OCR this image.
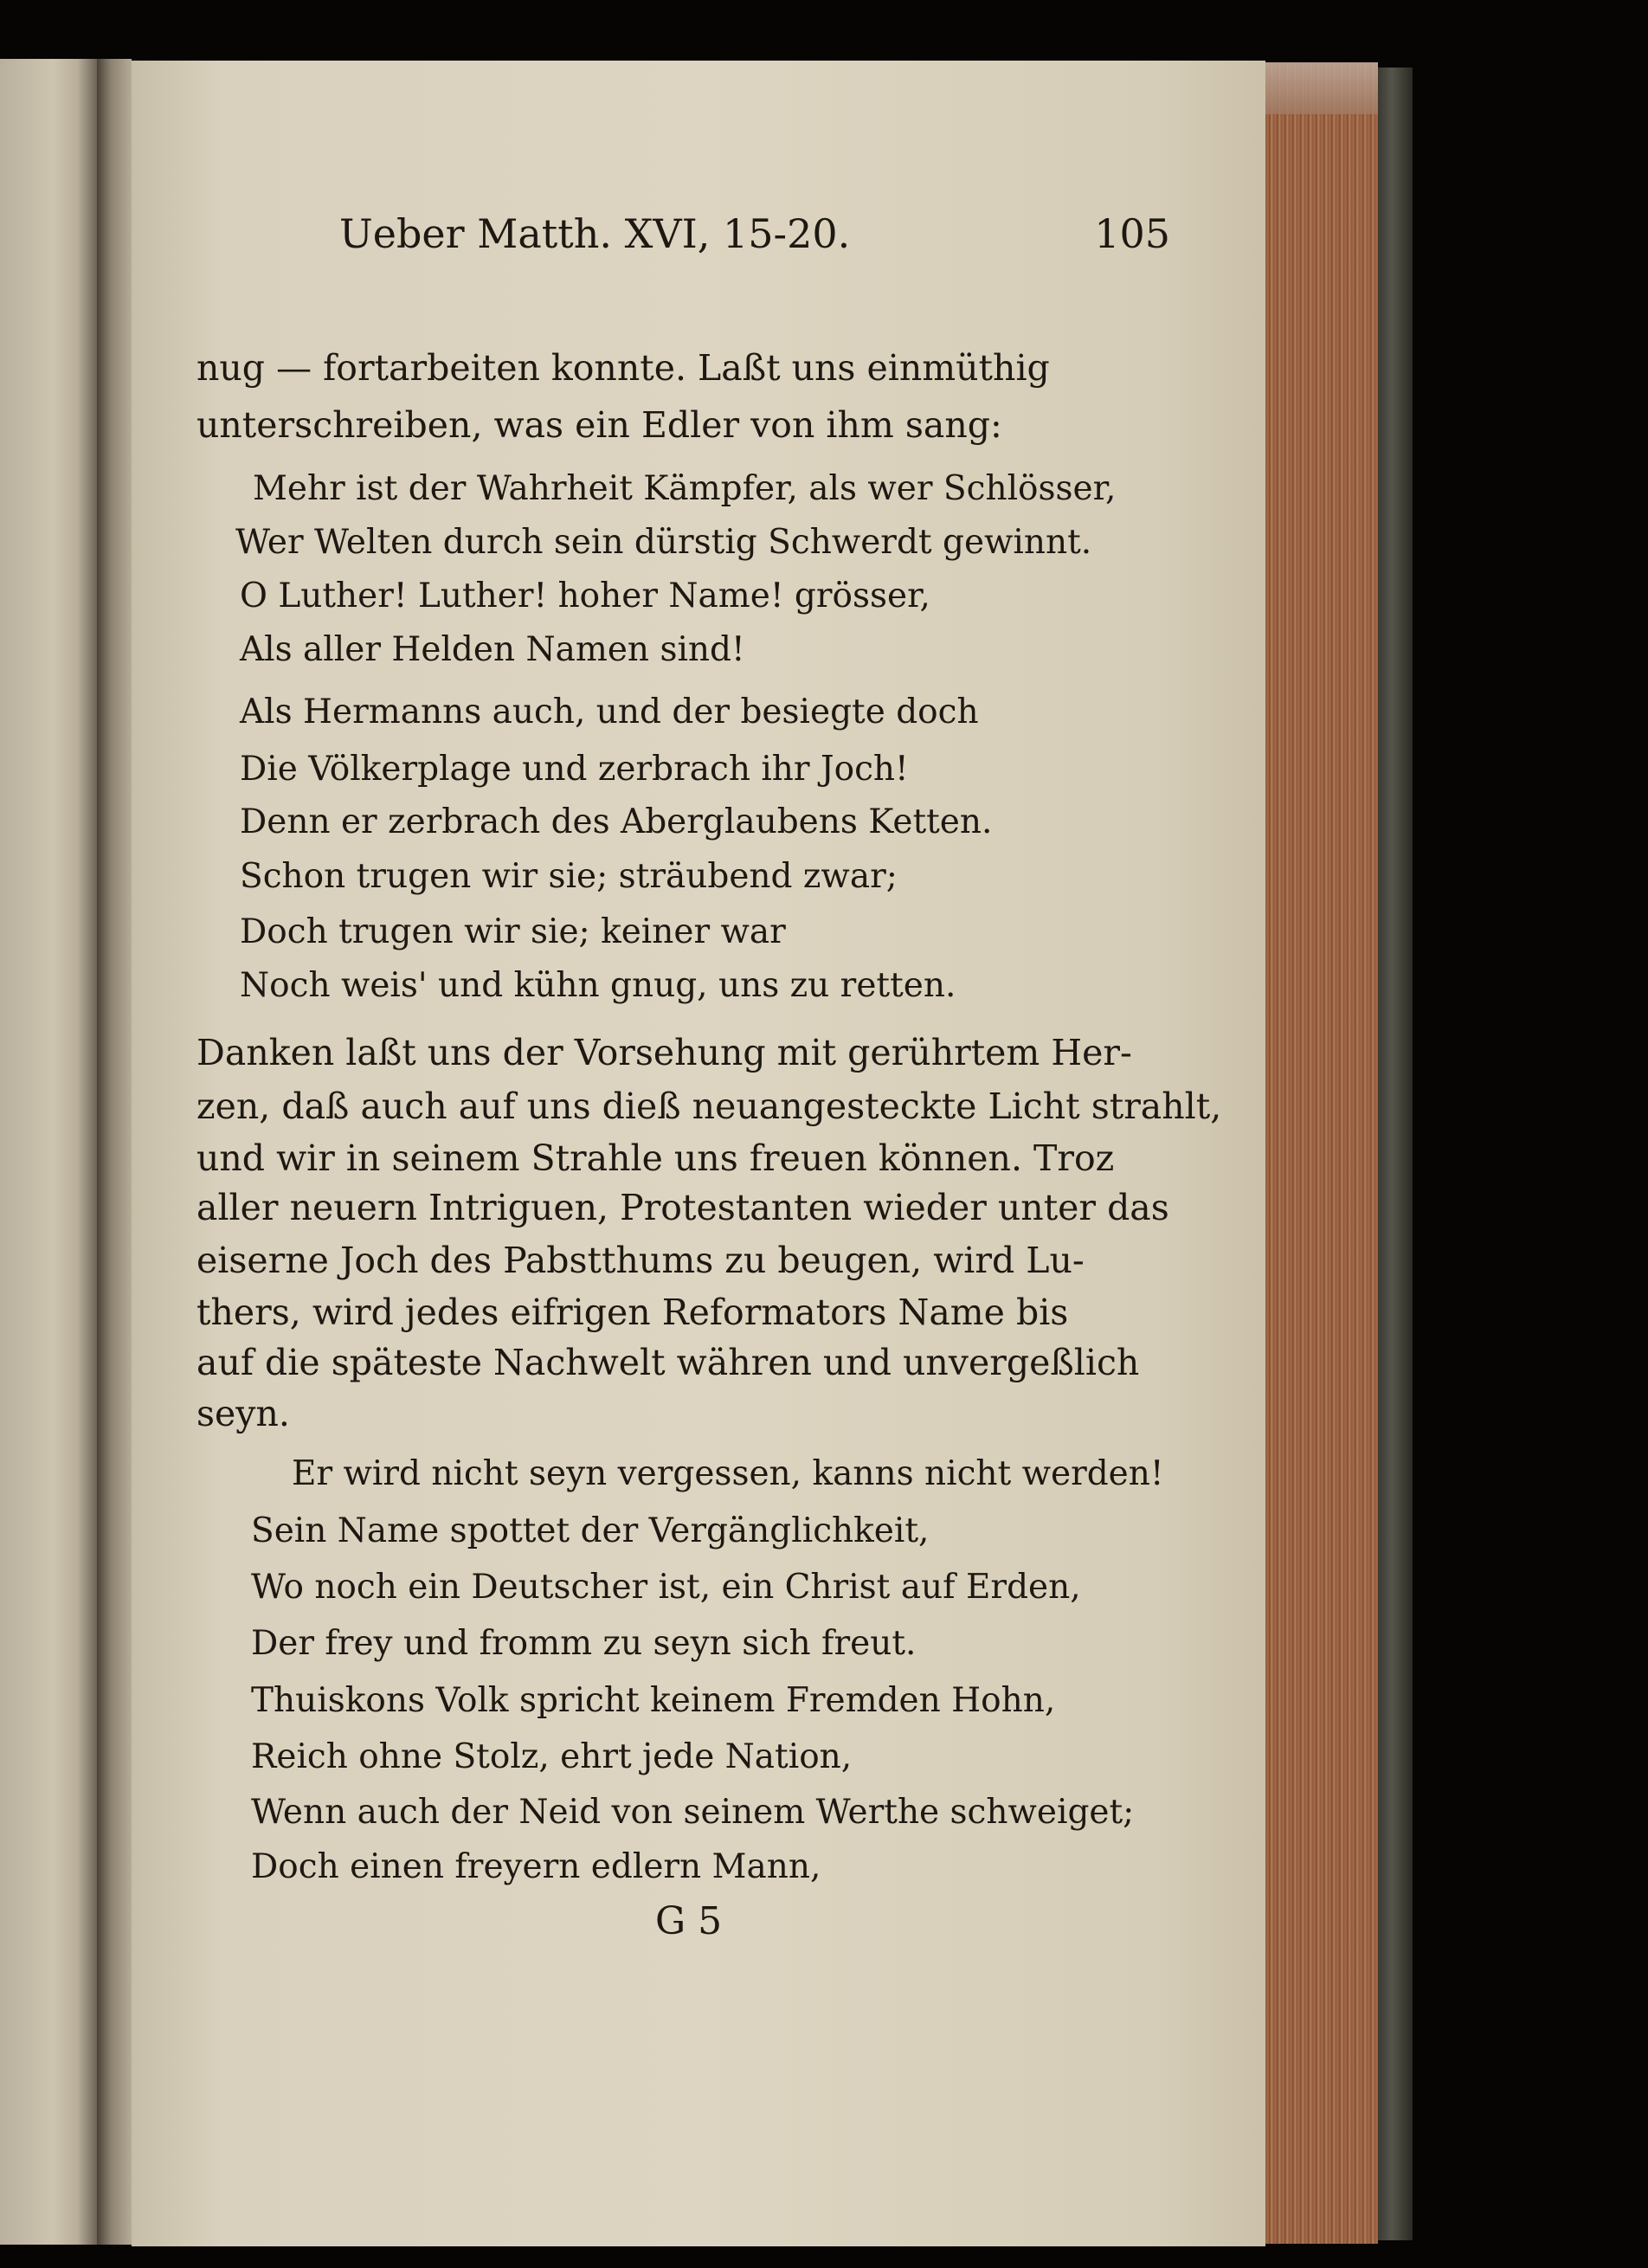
Ueber Matth. XVI, 15-20.	105
nug — fortarbeiten konnte. Laßt uns einmüthig
unterschreiben, was ein Edler von ihm sang:
Mehr ist der Wahrheit Kämpfer, als wer Schlösser,
Wer Welten durch sein dürstig Schwerdt gewinnt.
O Luther! Luther! hoher Name! grösser,
Als aller Helden Namen sind!
Als Hermanns auch, und der besiegte doch
Die Völkerplage und zerbrach ihr Joch!
Denn er zerbrach des Aberglaubens Ketten.
Schon trugen wir sie; sträubend zwar;
Doch trugen wir sie; keiner war
Noch weis' und kühn gnug, uns zu retten.
Danken laßt uns der Vorsehung mit gerührtem Her-
zen, daß auch auf uns dieß neuangesteckte Licht strahlt,
und wir in seinem Strahle uns freuen können. Troz
aller neuern Intriguen, Protestanten wieder unter das
eiserne Joch des Pabstthums zu beugen, wird Lu-
thers, wird jedes eifrigen Reformators Name bis
auf die späteste Nachwelt währen und unvergeßlich
seyn.
Er wird nicht seyn vergessen, kanns nicht werden!
Sein Name spottet der Vergänglichkeit,
Wo noch ein Deutscher ist, ein Christ auf Erden,
Der frey und fromm zu seyn sich freut.
Thuiskons Volk spricht keinem Fremden Hohn,
Reich ohne Stolz, ehrt jede Nation,
Wenn auch der Neid von seinem Werthe schweiget;
Doch einen freyern edlern Mann,
G 5
